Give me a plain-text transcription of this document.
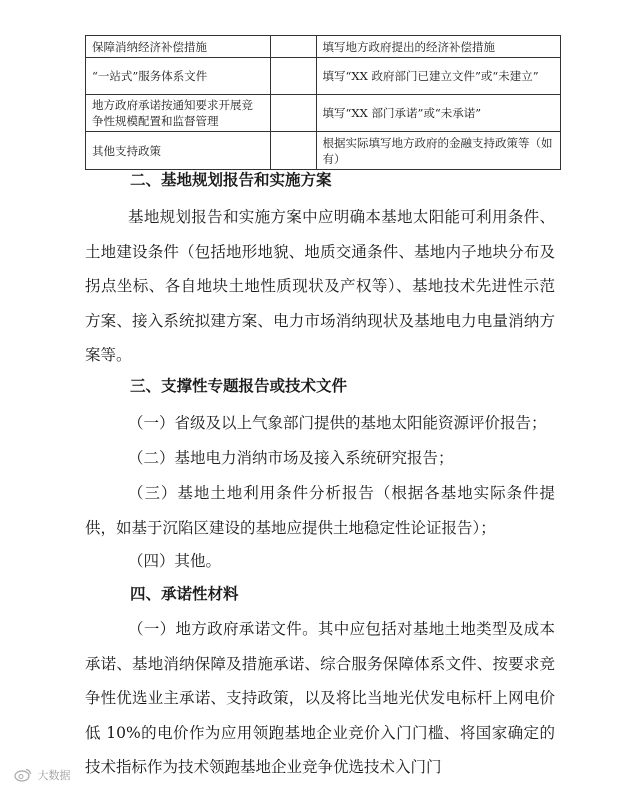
保障消纳经济补偿措施		填写地方政府提出的经济补偿措施
“一站式”服务体系文件		填写“XX 政府部门已建立文件”或“未建立”
地方政府承诺按通知要求开展竞争性规模配置和监督管理		填写“XX 部门承诺”或“未承诺”
其他支持政策		根据实际填写地方政府的金融支持政策等（如有）
二、基地规划报告和实施方案
基地规划报告和实施方案中应明确本基地太阳能可利用条件、土地建设条件（包括地形地貌、地质交通条件、基地内子地块分布及拐点坐标、各自地块土地性质现状及产权等）、基地技术先进性示范方案、接入系统拟建方案、电力市场消纳现状及基地电力电量消纳方案等。
三、支撑性专题报告或技术文件
（一）省级及以上气象部门提供的基地太阳能资源评价报告；
（二）基地电力消纳市场及接入系统研究报告；
（三）基地土地利用条件分析报告（根据各基地实际条件提供，如基于沉陷区建设的基地应提供土地稳定性论证报告）；
（四）其他。
四、承诺性材料
（一）地方政府承诺文件。其中应包括对基地土地类型及成本承诺、基地消纳保障及措施承诺、综合服务保障体系文件、按要求竞争性优选业主承诺、支持政策，以及将比当地光伏发电标杆上网电价低 10%的电价作为应用领跑基地企业竞价入门门槛、将国家确定的技术指标作为技术领跑基地企业竞争优选技术入门门
大数据
